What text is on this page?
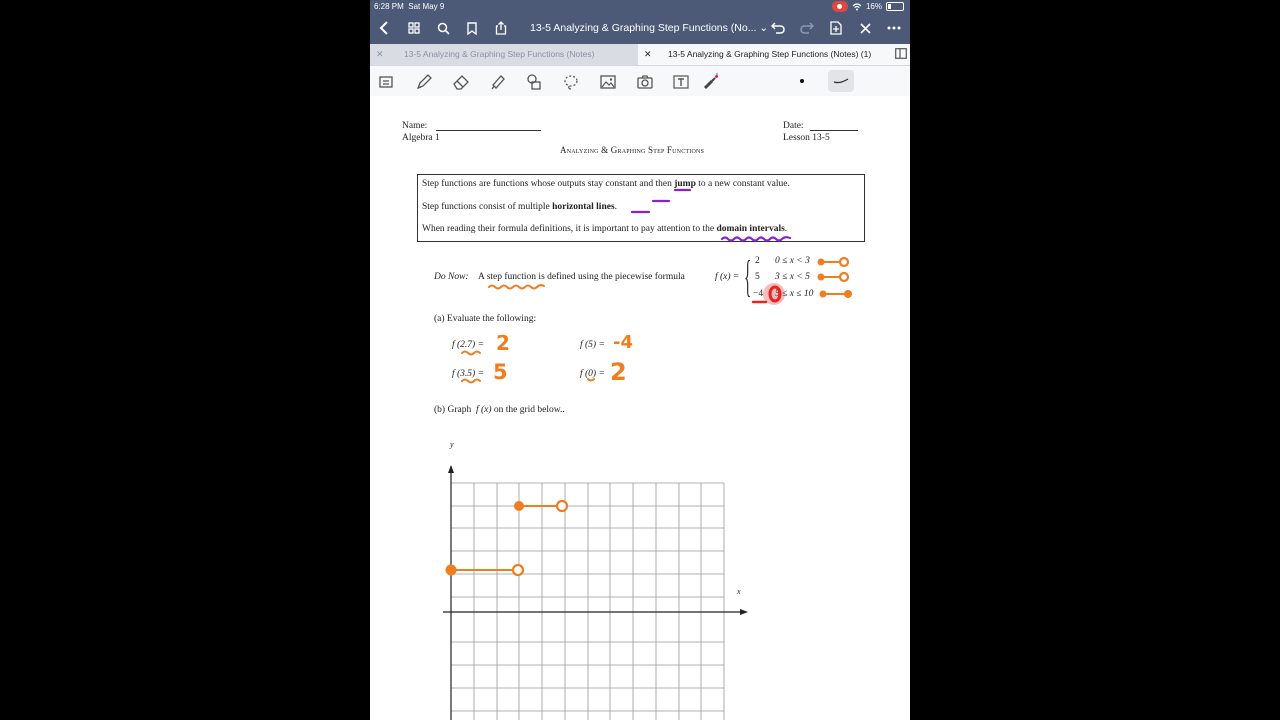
6:28 PM Sat May 9	16%
13-5 Analyzing & Graphing Step Functions (No... ⌄
✕ 13-5 Analyzing & Graphing Step Functions (Notes)	✕ 13-5 Analyzing & Graphing Step Functions (Notes) (1)
Name:
Algebra 1
Date:
Lesson 13-5
Analyzing & Graphing Step Functions
Step functions are functions whose outputs stay constant and then jump to a new constant value.
Step functions consist of multiple horizontal lines.
When reading their formula definitions, it is important to pay attention to the domain intervals.
Do Now: A step function is defined using the piecewise formula	f (x) = { 2 0 ≤ x < 3
5 3 ≤ x < 5
−4 5 ≤ x ≤ 10
(a) Evaluate the following:
f (2.7) = 2	f (5) = -4
f (3.5) = 5	f (0) = 2
(b) Graph f (x) on the grid below..
y
x
